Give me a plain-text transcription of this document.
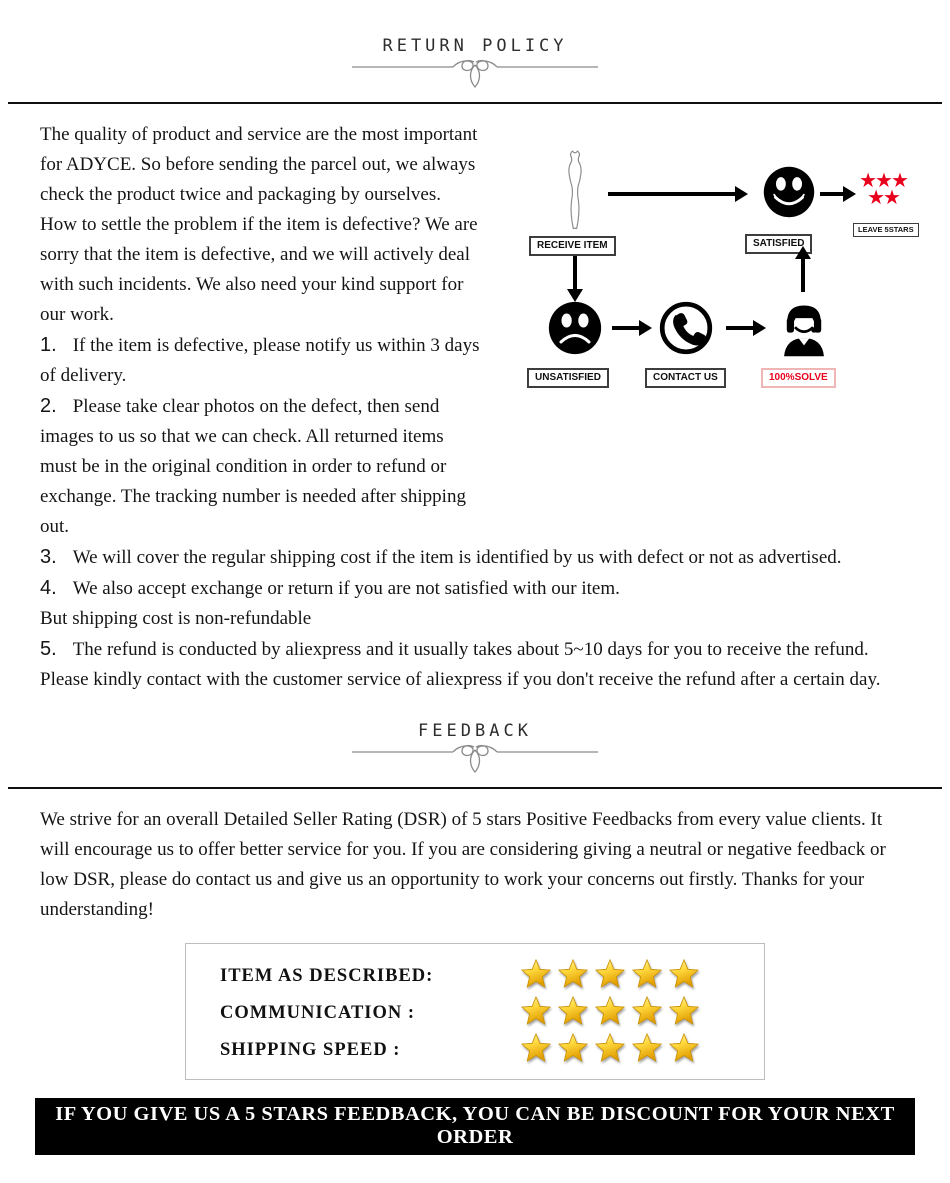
RETURN POLICY
RECEIVE ITEM	SATISFIED
★★★
★★
LEAVE 5STARS
UNSATISFIED	CONTACT US	100%SOLVE

The quality of product and service are the most important for ADYCE. So before sending the parcel out, we always check the product twice and packaging by ourselves.

How to settle the problem if the item is defective? We are sorry that the item is defective, and we will actively deal with such incidents. We also need your kind support for our work.

1. If the item is defective, please notify us within 3 days of delivery.

2. Please take clear photos on the defect, then send images to us so that we can check. All returned items must be in the original condition in order to refund or exchange. The tracking number is needed after shipping out.

3. We will cover the regular shipping cost if the item is identified by us with defect or not as advertised.

4. We also accept exchange or return if you are not satisfied with our item.

But shipping cost is non-refundable

5. The refund is conducted by aliexpress and it usually takes about 5~10 days for you to receive the refund. Please kindly contact with the customer service of aliexpress if you don't receive the refund after a certain day.

FEEDBACK

We strive for an overall Detailed Seller Rating (DSR) of 5 stars Positive Feedbacks from every value clients. It will encourage us to offer better service for you. If you are considering giving a neutral or negative feedback or low DSR, please do contact us and give us an opportunity to work your concerns out firstly. Thanks for your understanding!

ITEM AS DESCRIBED:

COMMUNICATION :

SHIPPING SPEED :

IF YOU GIVE US A 5 STARS FEEDBACK, YOU CAN BE DISCOUNT FOR YOUR NEXT ORDER
